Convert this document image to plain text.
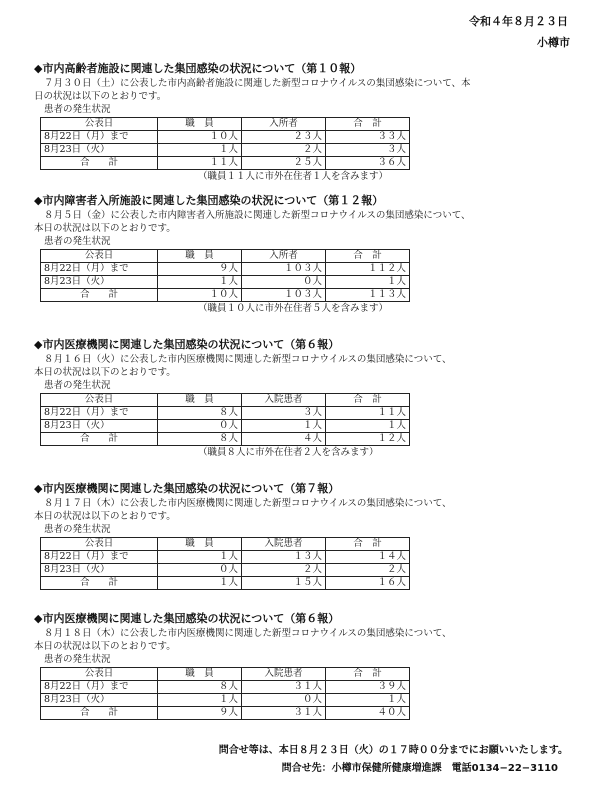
令和４年８月２３日
小樽市
◆市内高齢者施設に関連した集団感染の状況について（第１０報）
７月３０日（土）に公表した市内高齢者施設に関連した新型コロナウイルスの集団感染について、本
日の状況は以下のとおりです。
患者の発生状況
公表日	職　員	入所者	合　計
8月22日（月）まで	１０人	２３人	３３人
8月23日（火）	１人	２人	３人
合　　計	１１人	２５人	３６人
（職員１１人に市外在住者１人を含みます）
◆市内障害者入所施設に関連した集団感染の状況について（第１２報）
８月５日（金）に公表した市内障害者入所施設に関連した新型コロナウイルスの集団感染について、
本日の状況は以下のとおりです。
患者の発生状況
公表日	職　員	入所者	合　計
8月22日（月）まで	９人	１０３人	１１２人
8月23日（火）	１人	０人	１人
合　　計	１０人	１０３人	１１３人
（職員１０人に市外在住者５人を含みます）
◆市内医療機関に関連した集団感染の状況について（第６報）
８月１６日（火）に公表した市内医療機関に関連した新型コロナウイルスの集団感染について、
本日の状況は以下のとおりです。
患者の発生状況
公表日	職　員	入院患者	合　計
8月22日（月）まで	８人	３人	１１人
8月23日（火）	０人	１人	１人
合　　計	８人	４人	１２人
（職員８人に市外在住者２人を含みます）
◆市内医療機関に関連した集団感染の状況について（第７報）
８月１７日（木）に公表した市内医療機関に関連した新型コロナウイルスの集団感染について、
本日の状況は以下のとおりです。
患者の発生状況
公表日	職　員	入院患者	合　計
8月22日（月）まで	１人	１３人	１４人
8月23日（火）	０人	２人	２人
合　　計	１人	１５人	１６人
◆市内医療機関に関連した集団感染の状況について（第６報）
８月１８日（木）に公表した市内医療機関に関連した新型コロナウイルスの集団感染について、
本日の状況は以下のとおりです。
患者の発生状況
公表日	職　員	入院患者	合　計
8月22日（月）まで	８人	３１人	３９人
8月23日（火）	１人	０人	１人
合　　計	９人	３１人	４０人
問合せ等は、本日８月２３日（火）の１７時００分までにお願いいたします。
問合せ先：小樽市保健所健康増進課　電話0134−22−3110
